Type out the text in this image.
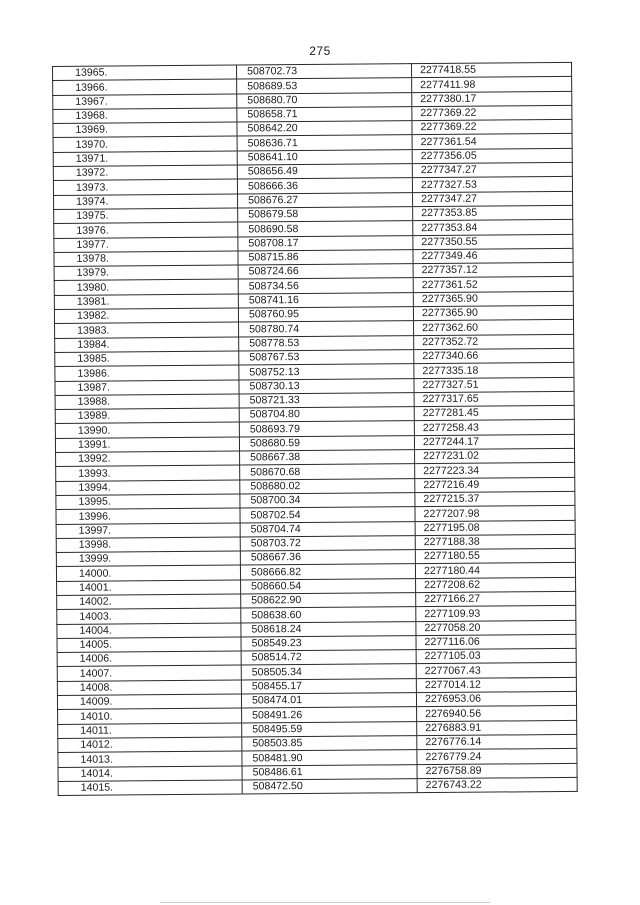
275
13965.	508702.73	2277418.55
13966.	508689.53	2277411.98
13967.	508680.70	2277380.17
13968.	508658.71	2277369.22
13969.	508642.20	2277369.22
13970.	508636.71	2277361.54
13971.	508641.10	2277356.05
13972.	508656.49	2277347.27
13973.	508666.36	2277327.53
13974.	508676.27	2277347.27
13975.	508679.58	2277353.85
13976.	508690.58	2277353.84
13977.	508708.17	2277350.55
13978.	508715.86	2277349.46
13979.	508724.66	2277357.12
13980.	508734.56	2277361.52
13981.	508741.16	2277365.90
13982.	508760.95	2277365.90
13983.	508780.74	2277362.60
13984.	508778.53	2277352.72
13985.	508767.53	2277340.66
13986.	508752.13	2277335.18
13987.	508730.13	2277327.51
13988.	508721.33	2277317.65
13989.	508704.80	2277281.45
13990.	508693.79	2277258.43
13991.	508680.59	2277244.17
13992.	508667.38	2277231.02
13993.	508670.68	2277223.34
13994.	508680.02	2277216.49
13995.	508700.34	2277215.37
13996.	508702.54	2277207.98
13997.	508704.74	2277195.08
13998.	508703.72	2277188.38
13999.	508667.36	2277180.55
14000.	508666.82	2277180.44
14001.	508660.54	2277208.62
14002.	508622.90	2277166.27
14003.	508638.60	2277109.93
14004.	508618.24	2277058.20
14005.	508549.23	2277116.06
14006.	508514.72	2277105.03
14007.	508505.34	2277067.43
14008.	508455.17	2277014.12
14009.	508474.01	2276953.06
14010.	508491.26	2276940.56
14011.	508495.59	2276883.91
14012.	508503.85	2276776.14
14013.	508481.90	2276779.24
14014.	508486.61	2276758.89
14015.	508472.50	2276743.22
